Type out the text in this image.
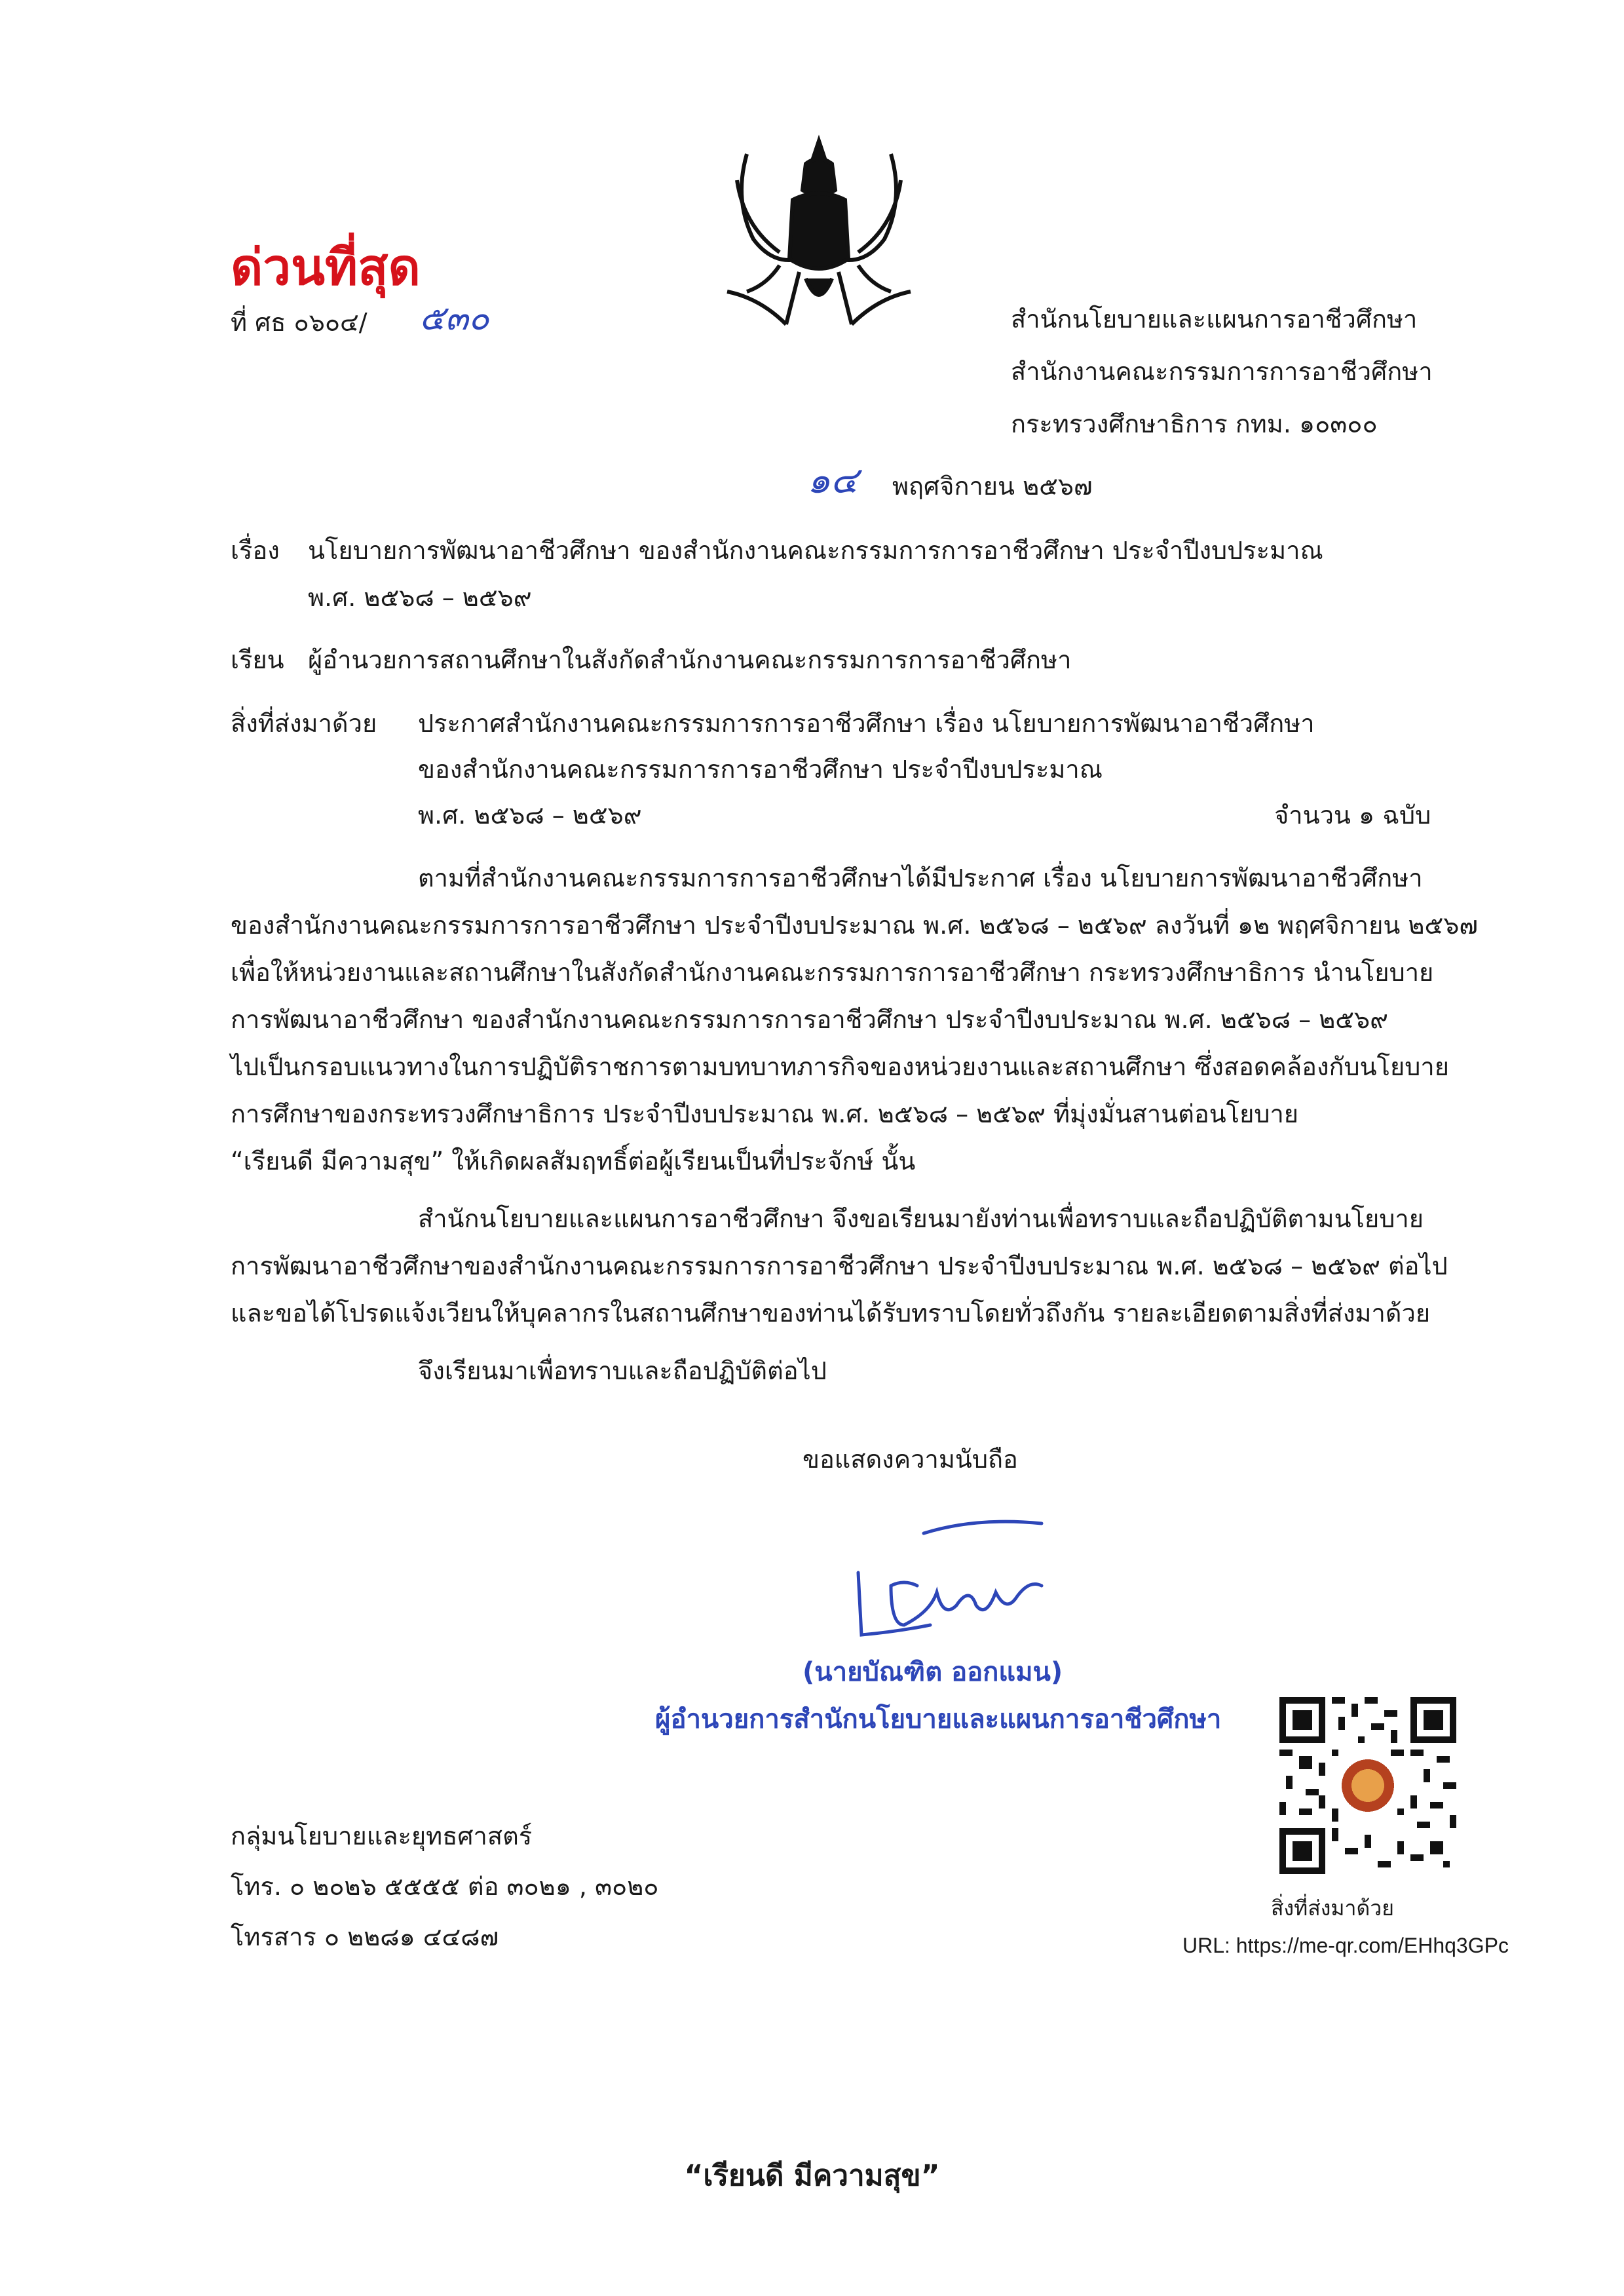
ด่วนที่สุด
ที่ ศธ ๐๖๐๔/ ๕๓๐	สำนักนโยบายและแผนการอาชีวศึกษา
สำนักงานคณะกรรมการการอาชีวศึกษา
กระทรวงศึกษาธิการ กทม. ๑๐๓๐๐
๑๔ พฤศจิกายน ๒๕๖๗
เรื่อง นโยบายการพัฒนาอาชีวศึกษา ของสำนักงานคณะกรรมการการอาชีวศึกษา ประจำปีงบประมาณ
พ.ศ. ๒๕๖๘ – ๒๕๖๙
เรียน ผู้อำนวยการสถานศึกษาในสังกัดสำนักงานคณะกรรมการการอาชีวศึกษา
สิ่งที่ส่งมาด้วย ประกาศสำนักงานคณะกรรมการการอาชีวศึกษา เรื่อง นโยบายการพัฒนาอาชีวศึกษา
ของสำนักงานคณะกรรมการการอาชีวศึกษา ประจำปีงบประมาณ
พ.ศ. ๒๕๖๘ – ๒๕๖๙	จำนวน ๑ ฉบับ
ตามที่สำนักงานคณะกรรมการการอาชีวศึกษาได้มีประกาศ เรื่อง นโยบายการพัฒนาอาชีวศึกษา
ของสำนักงานคณะกรรมการการอาชีวศึกษา ประจำปีงบประมาณ พ.ศ. ๒๕๖๘ – ๒๕๖๙ ลงวันที่ ๑๒ พฤศจิกายน ๒๕๖๗
เพื่อให้หน่วยงานและสถานศึกษาในสังกัดสำนักงานคณะกรรมการการอาชีวศึกษา กระทรวงศึกษาธิการ นำนโยบาย
การพัฒนาอาชีวศึกษา ของสำนักงานคณะกรรมการการอาชีวศึกษา ประจำปีงบประมาณ พ.ศ. ๒๕๖๘ – ๒๕๖๙
ไปเป็นกรอบแนวทางในการปฏิบัติราชการตามบทบาทภารกิจของหน่วยงานและสถานศึกษา ซึ่งสอดคล้องกับนโยบาย
การศึกษาของกระทรวงศึกษาธิการ ประจำปีงบประมาณ พ.ศ. ๒๕๖๘ – ๒๕๖๙ ที่มุ่งมั่นสานต่อนโยบาย
“เรียนดี มีความสุข” ให้เกิดผลสัมฤทธิ์ต่อผู้เรียนเป็นที่ประจักษ์ นั้น
สำนักนโยบายและแผนการอาชีวศึกษา จึงขอเรียนมายังท่านเพื่อทราบและถือปฏิบัติตามนโยบาย
การพัฒนาอาชีวศึกษาของสำนักงานคณะกรรมการการอาชีวศึกษา ประจำปีงบประมาณ พ.ศ. ๒๕๖๘ – ๒๕๖๙ ต่อไป
และขอได้โปรดแจ้งเวียนให้บุคลากรในสถานศึกษาของท่านได้รับทราบโดยทั่วถึงกัน รายละเอียดตามสิ่งที่ส่งมาด้วย
จึงเรียนมาเพื่อทราบและถือปฏิบัติต่อไป
ขอแสดงความนับถือ
(นายบัณฑิต ออกแมน)
ผู้อำนวยการสำนักนโยบายและแผนการอาชีวศึกษา
สิ่งที่ส่งมาด้วย
URL: https://me-qr.com/EHhq3GPc
กลุ่มนโยบายและยุทธศาสตร์
โทร. ๐ ๒๐๒๖ ๕๕๕๕ ต่อ ๓๐๒๑ , ๓๐๒๐
โทรสาร ๐ ๒๒๘๑ ๔๔๘๗
“เรียนดี มีความสุข”
